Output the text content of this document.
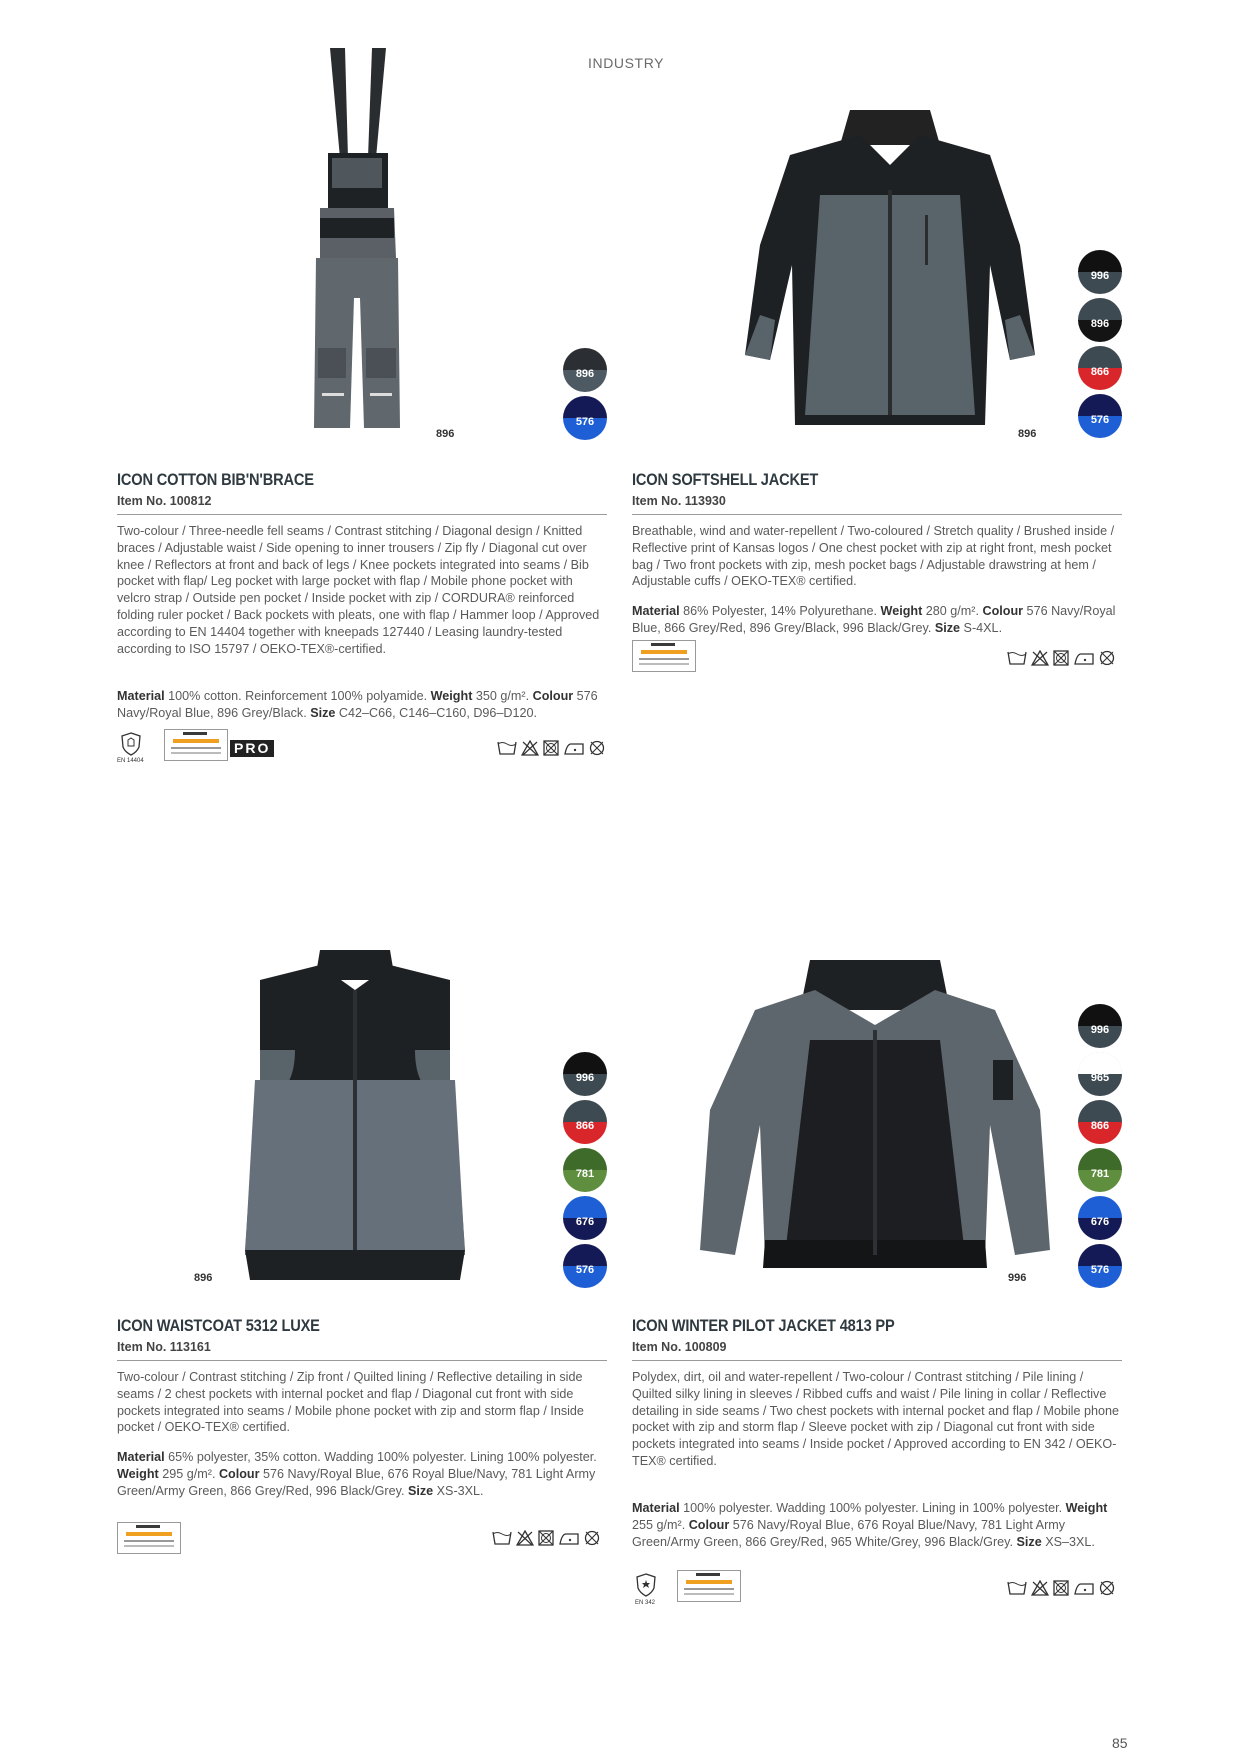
INDUSTRY
896
ICON COTTON BIB'N'BRACE
Item No. 100812

Two-colour / Three-needle fell seams / Contrast stitching / Diagonal design / Knitted braces / Adjustable waist / Side opening to inner trousers / Zip fly / Diagonal cut over knee / Reflectors at front and back of legs / Knee pockets integrated into seams / Bib pocket with flap/ Leg pocket with large pocket with flap / Mobile phone pocket with velcro strap / Outside pen pocket / Inside pocket with zip / CORDURA® reinforced folding ruler pocket / Back pockets with pleats, one with flap / Hammer loop / Approved according to EN 14404 together with kneepads 127440 / Leasing laundry-tested according to ISO 15797 / OEKO-TEX®-certified.

Material 100% cotton. Reinforcement 100% polyamide. Weight 350 g/m². Colour 576 Navy/Royal Blue, 896 Grey/Black. Size C42–C66, C146–C160, D96–D120.

EN 14404
PRO
896
ICON SOFTSHELL JACKET
Item No. 113930

Breathable, wind and water-repellent / Two-coloured / Stretch quality / Brushed inside / Reflective print of Kansas logos / One chest pocket with zip at right front, mesh pocket bag / Two front pockets with zip, mesh pocket bags / Adjustable drawstring at hem / Adjustable cuffs / OEKO-TEX® certified.

Material 86% Polyester, 14% Polyurethane. Weight 280 g/m². Colour 576 Navy/Royal Blue, 866 Grey/Red, 896 Grey/Black, 996 Black/Grey. Size S-4XL.

896
ICON WAISTCOAT 5312 LUXE
Item No. 113161

Two-colour / Contrast stitching / Zip front / Quilted lining / Reflective detailing in side seams / 2 chest pockets with internal pocket and flap / Diagonal cut front with side pockets integrated into seams / Mobile phone pocket with zip and storm flap / Inside pocket / OEKO-TEX® certified.

Material 65% polyester, 35% cotton. Wadding 100% polyester. Lining 100% polyester. Weight 295 g/m². Colour 576 Navy/Royal Blue, 676 Royal Blue/Navy, 781 Light Army Green/Army Green, 866 Grey/Red, 996 Black/Grey. Size XS-3XL.

996
ICON WINTER PILOT JACKET 4813 PP
Item No. 100809

Polydex, dirt, oil and water-repellent / Two-colour / Contrast stitching / Pile lining / Quilted silky lining in sleeves / Ribbed cuffs and waist / Pile lining in collar / Reflective detailing in side seams / Two chest pockets with internal pocket and flap / Mobile phone pocket with zip and storm flap / Sleeve pocket with zip / Diagonal cut front with side pockets integrated into seams / Inside pocket / Approved according to EN 342 / OEKO-TEX® certified.

Material 100% polyester. Wadding 100% polyester. Lining in 100% polyester. Weight 255 g/m². Colour 576 Navy/Royal Blue, 676 Royal Blue/Navy, 781 Light Army Green/Army Green, 866 Grey/Red, 965 White/Grey, 996 Black/Grey. Size XS–3XL.

EN 342
85
896
576
996
896
866
576
996
866
781
676
576
996
965
866
781
676
576
